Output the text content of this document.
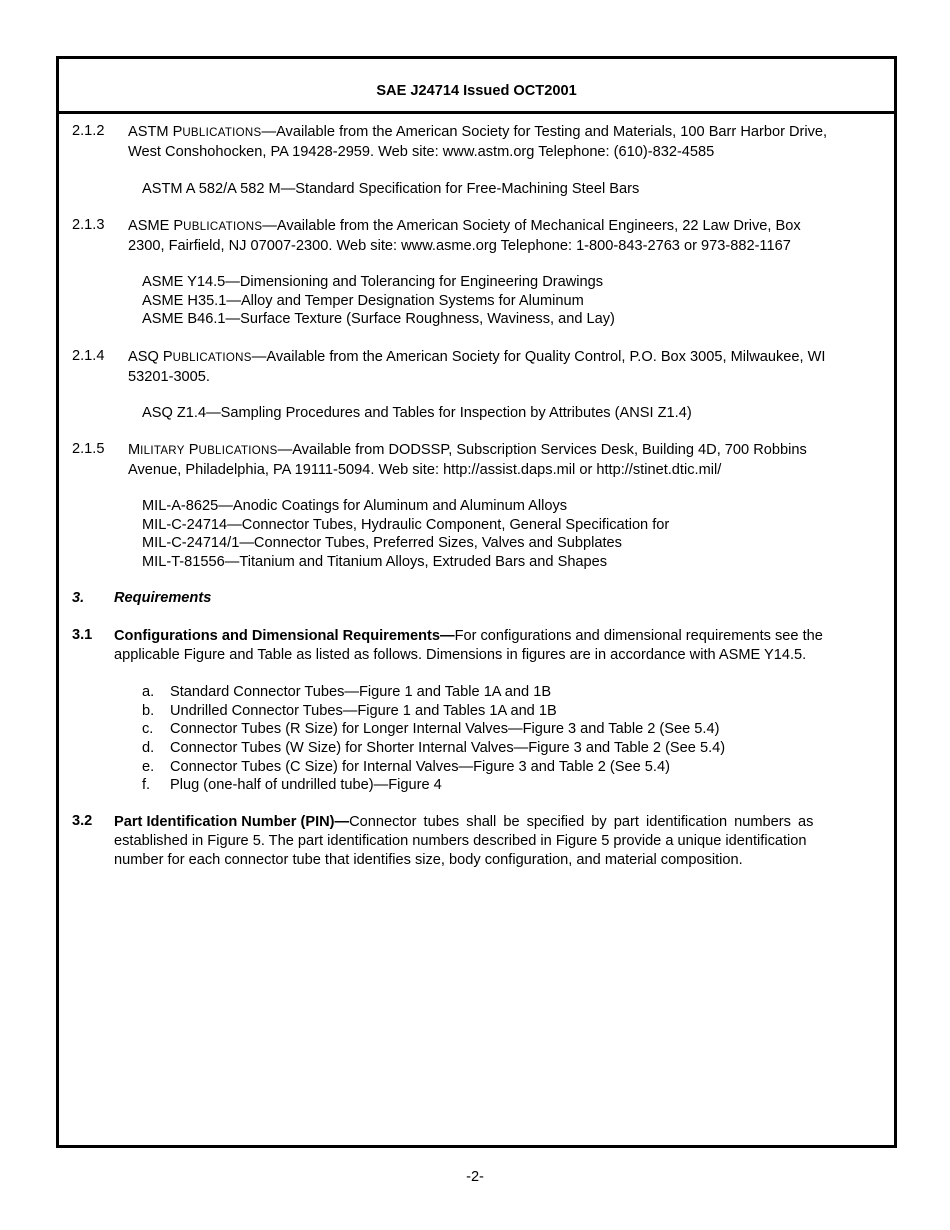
SAE J24714 Issued OCT2001
2.1.2 ASTM PUBLICATIONS—Available from the American Society for Testing and Materials, 100 Barr Harbor Drive,
West Conshohocken, PA 19428-2959. Web site: www.astm.org Telephone: (610)-832-4585
ASTM A 582/A 582 M—Standard Specification for Free-Machining Steel Bars
2.1.3 ASME PUBLICATIONS—Available from the American Society of Mechanical Engineers, 22 Law Drive, Box
2300, Fairfield, NJ 07007-2300. Web site: www.asme.org Telephone: 1-800-843-2763 or 973-882-1167
ASME Y14.5—Dimensioning and Tolerancing for Engineering Drawings
ASME H35.1—Alloy and Temper Designation Systems for Aluminum
ASME B46.1—Surface Texture (Surface Roughness, Waviness, and Lay)
2.1.4 ASQ PUBLICATIONS—Available from the American Society for Quality Control, P.O. Box 3005, Milwaukee, WI
53201-3005.
ASQ Z1.4—Sampling Procedures and Tables for Inspection by Attributes (ANSI Z1.4)
2.1.5 MILITARY PUBLICATIONS—Available from DODSSP, Subscription Services Desk, Building 4D, 700 Robbins
Avenue, Philadelphia, PA 19111-5094. Web site: http://assist.daps.mil or http://stinet.dtic.mil/
MIL-A-8625—Anodic Coatings for Aluminum and Aluminum Alloys
MIL-C-24714—Connector Tubes, Hydraulic Component, General Specification for
MIL-C-24714/1—Connector Tubes, Preferred Sizes, Valves and Subplates
MIL-T-81556—Titanium and Titanium Alloys, Extruded Bars and Shapes
3. Requirements
3.1 Configurations and Dimensional Requirements—For configurations and dimensional requirements see the
applicable Figure and Table as listed as follows. Dimensions in figures are in accordance with ASME Y14.5.
a. Standard Connector Tubes—Figure 1 and Table 1A and 1B
b. Undrilled Connector Tubes—Figure 1 and Tables 1A and 1B
c. Connector Tubes (R Size) for Longer Internal Valves—Figure 3 and Table 2 (See 5.4)
d. Connector Tubes (W Size) for Shorter Internal Valves—Figure 3 and Table 2 (See 5.4)
e. Connector Tubes (C Size) for Internal Valves—Figure 3 and Table 2 (See 5.4)
f. Plug (one-half of undrilled tube)—Figure 4
3.2 Part Identification Number (PIN)—Connector tubes shall be specified by part identification numbers as
established in Figure 5. The part identification numbers described in Figure 5 provide a unique identification
number for each connector tube that identifies size, body configuration, and material composition.
-2-
